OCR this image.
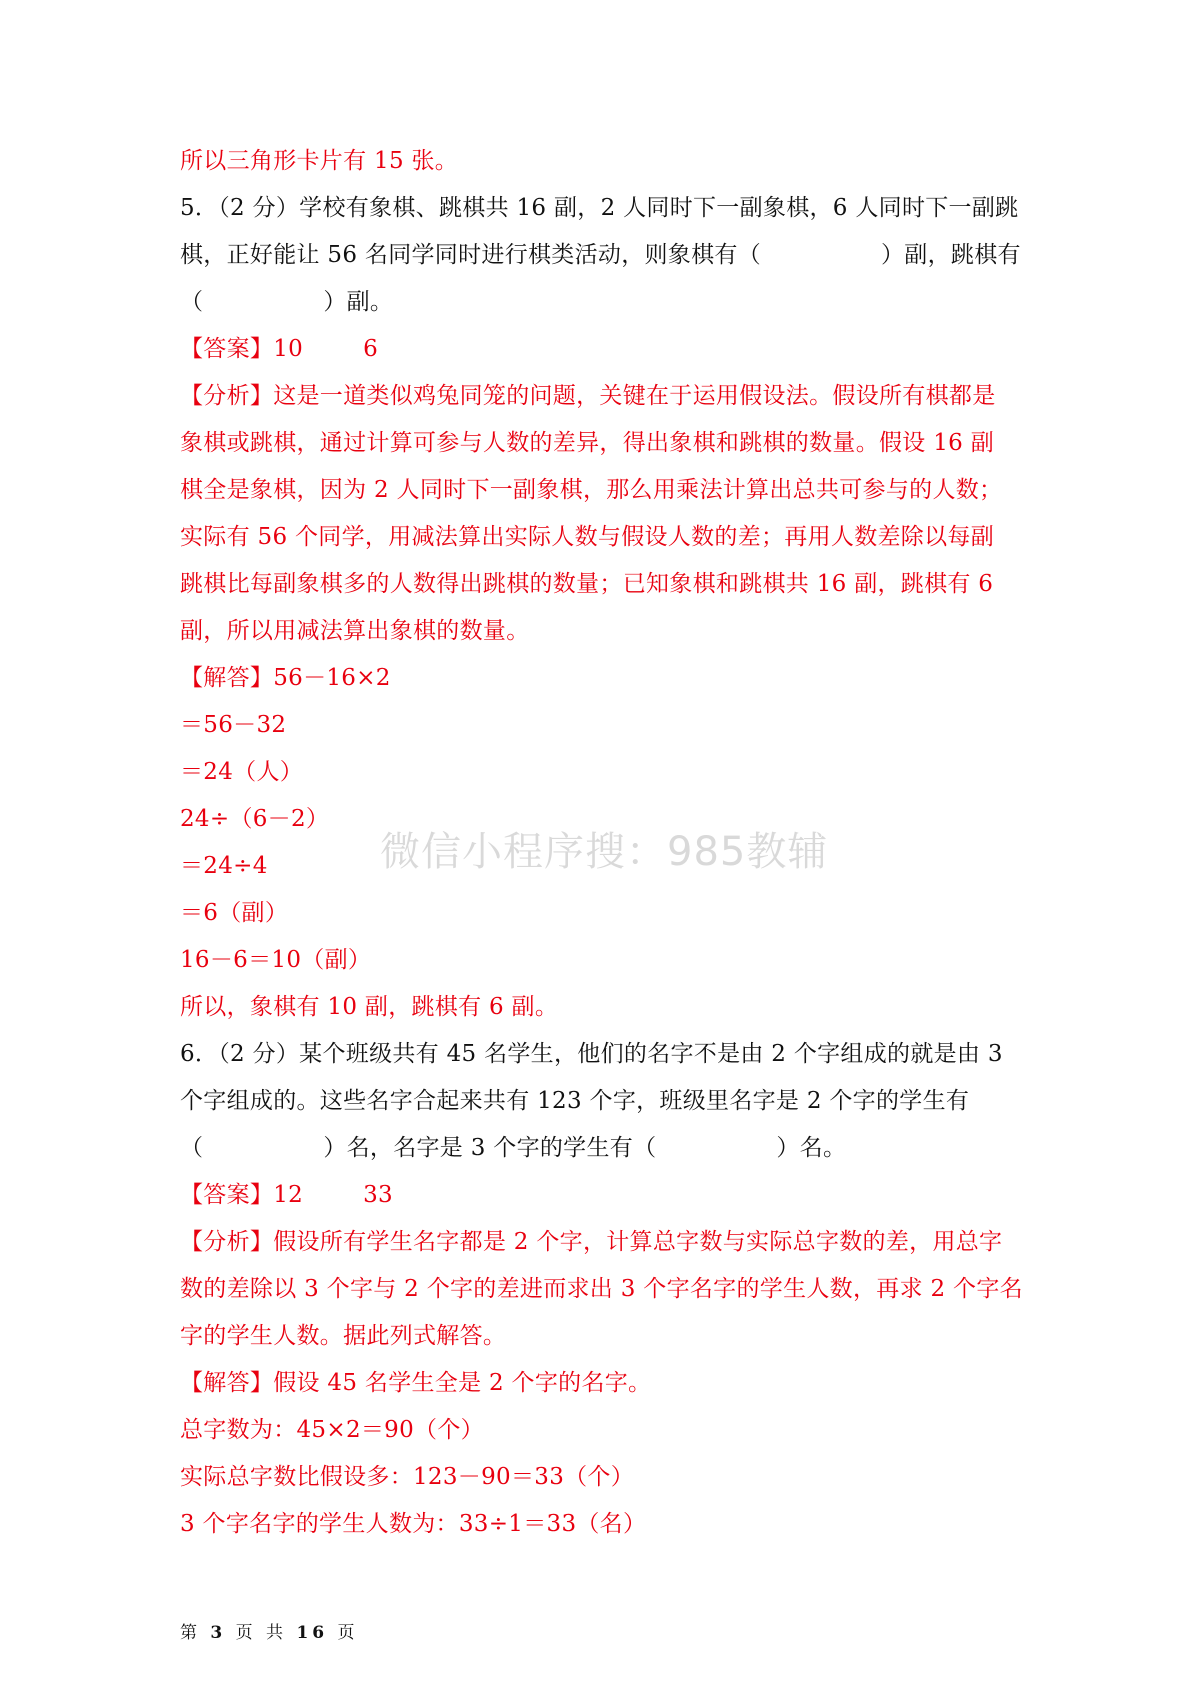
所以三角形卡片有 15 张。
5．（2 分）学校有象棋、跳棋共 16 副，2 人同时下一副象棋，6 人同时下一副跳
棋，正好能让 56 名同学同时进行棋类活动，则象棋有（	）副，跳棋有
（	）副。
【答案】10	6
【分析】这是一道类似鸡兔同笼的问题，关键在于运用假设法。假设所有棋都是
象棋或跳棋，通过计算可参与人数的差异，得出象棋和跳棋的数量。假设 16 副
棋全是象棋，因为 2 人同时下一副象棋，那么用乘法计算出总共可参与的人数；
实际有 56 个同学，用减法算出实际人数与假设人数的差；再用人数差除以每副
跳棋比每副象棋多的人数得出跳棋的数量；已知象棋和跳棋共 16 副，跳棋有 6
副，所以用减法算出象棋的数量。
【解答】56－16×2
＝56－32
＝24（人）
24÷（6－2）
＝24÷4
＝6（副）
16－6＝10（副）
所以，象棋有 10 副，跳棋有 6 副。
6．（2 分）某个班级共有 45 名学生，他们的名字不是由 2 个字组成的就是由 3
个字组成的。这些名字合起来共有 123 个字，班级里名字是 2 个字的学生有
（	）名，名字是 3 个字的学生有（	）名。
【答案】12	33
【分析】假设所有学生名字都是 2 个字，计算总字数与实际总字数的差，用总字
数的差除以 3 个字与 2 个字的差进而求出 3 个字名字的学生人数，再求 2 个字名
字的学生人数。据此列式解答。
【解答】假设 45 名学生全是 2 个字的名字。
总字数为：45×2＝90（个）
实际总字数比假设多：123－90＝33（个）
3 个字名字的学生人数为：33÷1＝33（名）
微信小程序搜：985教辅
第 3 页 共 16 页
